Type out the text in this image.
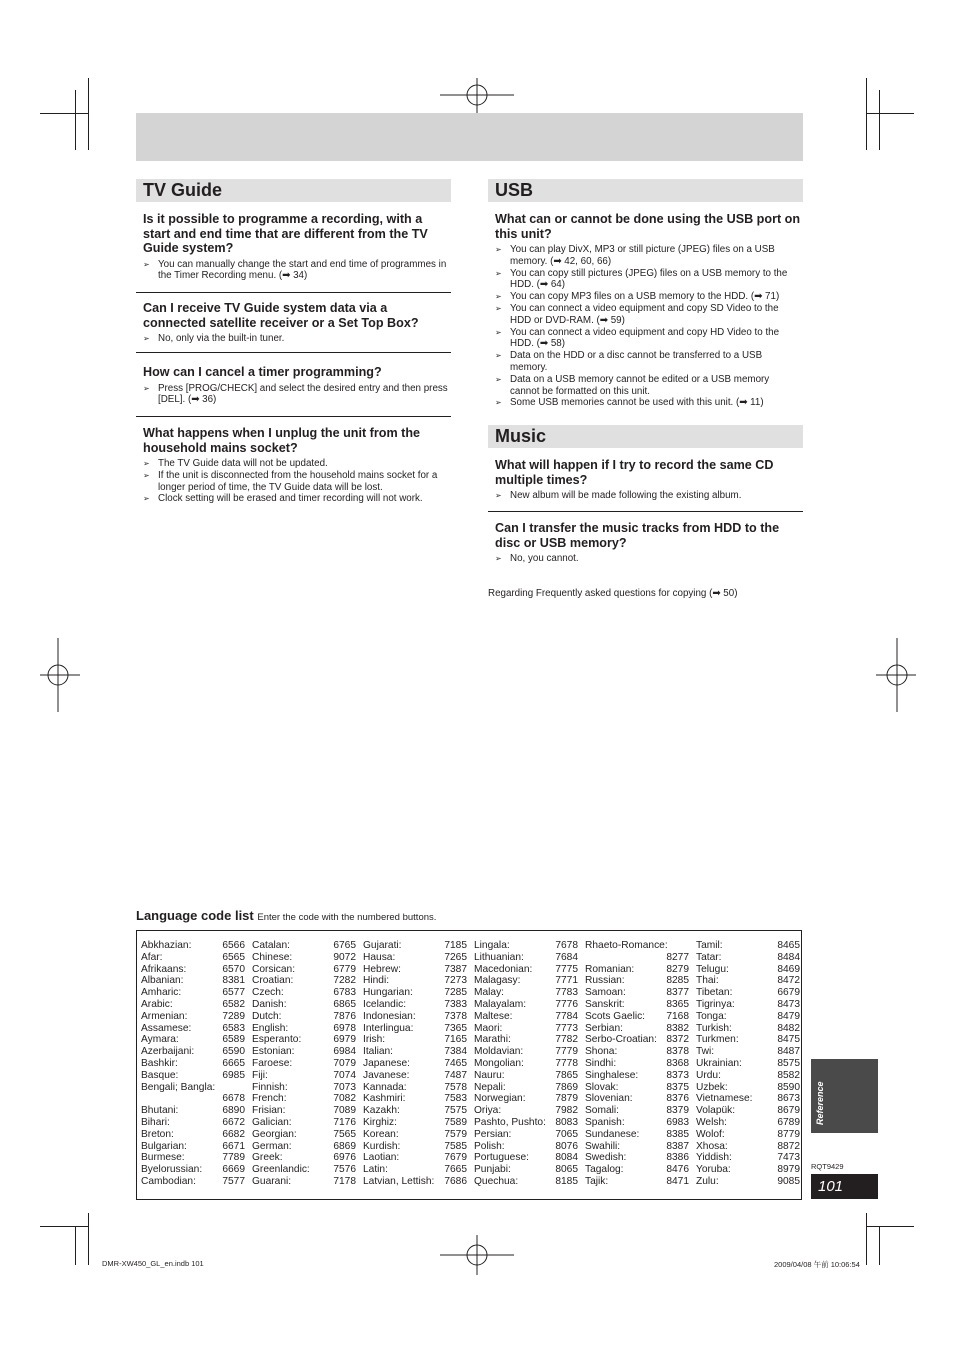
TV Guide

Is it possible to programme a recording, with a start and end time that are different from the TV Guide system?

➢ You can manually change the start and end time of programmes in the Timer Recording menu. (➡ 34)

Can I receive TV Guide system data via a connected satellite receiver or a Set Top Box?

➢ No, only via the built-in tuner.

How can I cancel a timer programming?

➢ Press [PROG/CHECK] and select the desired entry and then press [DEL]. (➡ 36)

What happens when I unplug the unit from the household mains socket?

➢ The TV Guide data will not be updated.
➢ If the unit is disconnected from the household mains socket for a longer period of time, the TV Guide data will be lost.
➢ Clock setting will be erased and timer recording will not work.
USB

What can or cannot be done using the USB port on this unit?

➢ You can play DivX, MP3 or still picture (JPEG) files on a USB memory. (➡ 42, 60, 66)
➢ You can copy still pictures (JPEG) files on a USB memory to the HDD. (➡ 64)
➢ You can copy MP3 files on a USB memory to the HDD. (➡ 71)
➢ You can connect a video equipment and copy SD Video to the HDD or DVD-RAM. (➡ 59)
➢ You can connect a video equipment and copy HD Video to the HDD. (➡ 58)
➢ Data on the HDD or a disc cannot be transferred to a USB memory.
➢ Data on a USB memory cannot be edited or a USB memory cannot be formatted on this unit.
➢ Some USB memories cannot be used with this unit. (➡ 11)
Music

What will happen if I try to record the same CD multiple times?

➢ New album will be made following the existing album.

Can I transfer the music tracks from HDD to the disc or USB memory?

➢ No, you cannot.
Regarding Frequently asked questions for copying (➡ 50)
Language code list Enter the code with the numbered buttons.
Abkhazian:	6566
Afar:	6565
Afrikaans:	6570
Albanian:	8381
Amharic:	6577
Arabic:	6582
Armenian:	7289
Assamese:	6583
Aymara:	6589
Azerbaijani:	6590
Bashkir:	6665
Basque:	6985
Bengali; Bangla:
6678
Bhutani:	6890
Bihari:	6672
Breton:	6682
Bulgarian:	6671
Burmese:	7789
Byelorussian: 6669
Cambodian:	7577
Catalan:	6765
Chinese:	9072
Corsican:	6779
Croatian:	7282
Czech:	6783
Danish:	6865
Dutch:	7876
English:	6978
Esperanto:	6979
Estonian:	6984
Faroese:	7079
Fiji:	7074
Finnish:	7073
French:	7082
Frisian:	7089
Galician:	7176
Georgian:	7565
German:	6869
Greek:	6976
Greenlandic: 7576
Guarani:	7178
Gujarati:	7185
Hausa:	7265
Hebrew:	7387
Hindi:	7273
Hungarian:	7285
Icelandic:	7383
Indonesian:	7378
Interlingua:	7365
Irish:	7165
Italian:	7384
Japanese:	7465
Javanese:	7487
Kannada:	7578
Kashmiri:	7583
Kazakh:	7575
Kirghiz:	7589
Korean:	7579
Kurdish:	7585
Laotian:	7679
Latin:	7665
Latvian, Lettish: 7686
Lingala:	7678
Lithuanian:	7684
Macedonian: 7775
Malagasy:	7771
Malay:	7783
Malayalam:	7776
Maltese:	7784
Maori:	7773
Marathi:	7782
Moldavian:	7779
Mongolian:	7778
Nauru:	7865
Nepali:	7869
Norwegian:	7879
Oriya:	7982
Pashto, Pushto: 8083
Persian:	7065
Polish:	8076
Portuguese:	8084
Punjabi:	8065
Quechua:	8185
Rhaeto-Romance:
8277
Romanian:	8279
Russian:	8285
Samoan:	8377
Sanskrit:	8365
Scots Gaelic: 7168
Serbian:	8382
Serbo-Croatian: 8372
Shona:	8378
Sindhi:	8368
Singhalese:	8373
Slovak:	8375
Slovenian:	8376
Somali:	8379
Spanish:	6983
Sundanese:	8385
Swahili:	8387
Swedish:	8386
Tagalog:	8476
Tajik:	8471
Tamil:	8465
Tatar:	8484
Telugu:	8469
Thai:	8472
Tibetan:	6679
Tigrinya:	8473
Tonga:	8479
Turkish:	8482
Turkmen:	8475
Twi:	8487
Ukrainian:	8575
Urdu:	8582
Uzbek:	8590
Vietnamese: 8673
Volapük:	8679
Welsh:	6789
Wolof:	8779
Xhosa:	8872
Yiddish:	7473
Yoruba:	8979
Zulu:	9085
Reference
RQT9429
101
DMR-XW450_GL_en.indb 101	2009/04/08 午前 10:06:54
